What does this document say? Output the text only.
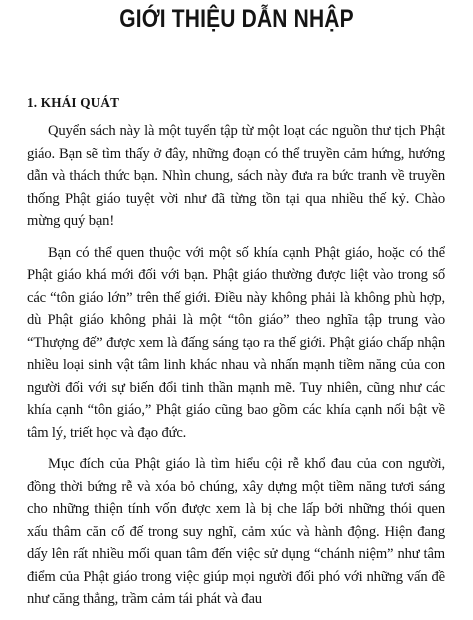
GIỚI THIỆU DẪN NHẬP
1. KHÁI QUÁT

Quyển sách này là một tuyển tập từ một loạt các nguồn thư tịch Phật giáo. Bạn sẽ tìm thấy ở đây, những đoạn có thể truyền cảm hứng, hướng dẫn và thách thức bạn. Nhìn chung, sách này đưa ra bức tranh về truyền thống Phật giáo tuyệt vời như đã từng tồn tại qua nhiều thế kỷ. Chào mừng quý bạn!

Bạn có thể quen thuộc với một số khía cạnh Phật giáo, hoặc có thể Phật giáo khá mới đối với bạn. Phật giáo thường được liệt vào trong số các “tôn giáo lớn” trên thế giới. Điều này không phải là không phù hợp, dù Phật giáo không phải là một “tôn giáo” theo nghĩa tập trung vào “Thượng đế” được xem là đấng sáng tạo ra thế giới. Phật giáo chấp nhận nhiều loại sinh vật tâm linh khác nhau và nhấn mạnh tiềm năng của con người đối với sự biến đổi tinh thần mạnh mẽ. Tuy nhiên, cũng như các khía cạnh “tôn giáo,” Phật giáo cũng bao gồm các khía cạnh nối bật về tâm lý, triết học và đạo đức.

Mục đích của Phật giáo là tìm hiểu cội rễ khổ đau của con người, đồng thời bứng rễ và xóa bỏ chúng, xây dựng một tiềm năng tươi sáng cho những thiện tính vốn được xem là bị che lấp bởi những thói quen xấu thâm căn cố đế trong suy nghĩ, cảm xúc và hành động. Hiện đang dấy lên rất nhiều mối quan tâm đến việc sử dụng “chánh niệm” như tâm điểm của Phật giáo trong việc giúp mọi người đối phó với những vấn đề như căng thẳng, trầm cảm tái phát và đau
